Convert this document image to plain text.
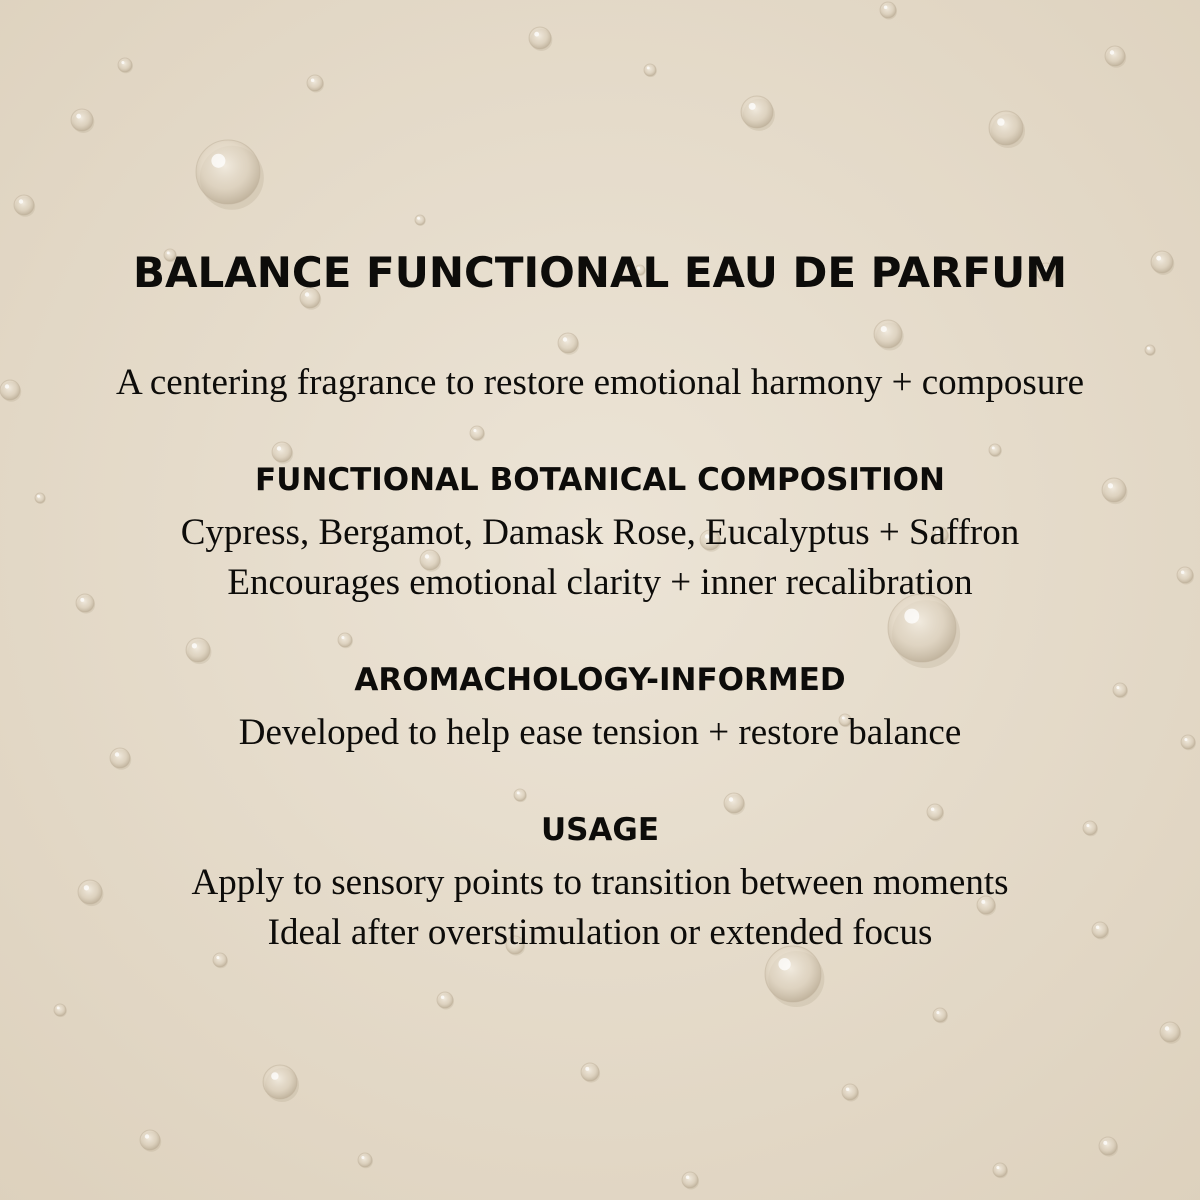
BALANCE FUNCTIONAL EAU DE PARFUM
A centering fragrance to restore emotional harmony + composure
FUNCTIONAL BOTANICAL COMPOSITION
Cypress, Bergamot, Damask Rose, Eucalyptus + Saffron
Encourages emotional clarity + inner recalibration
AROMACHOLOGY-INFORMED
Developed to help ease tension + restore balance
USAGE
Apply to sensory points to transition between moments
Ideal after overstimulation or extended focus
